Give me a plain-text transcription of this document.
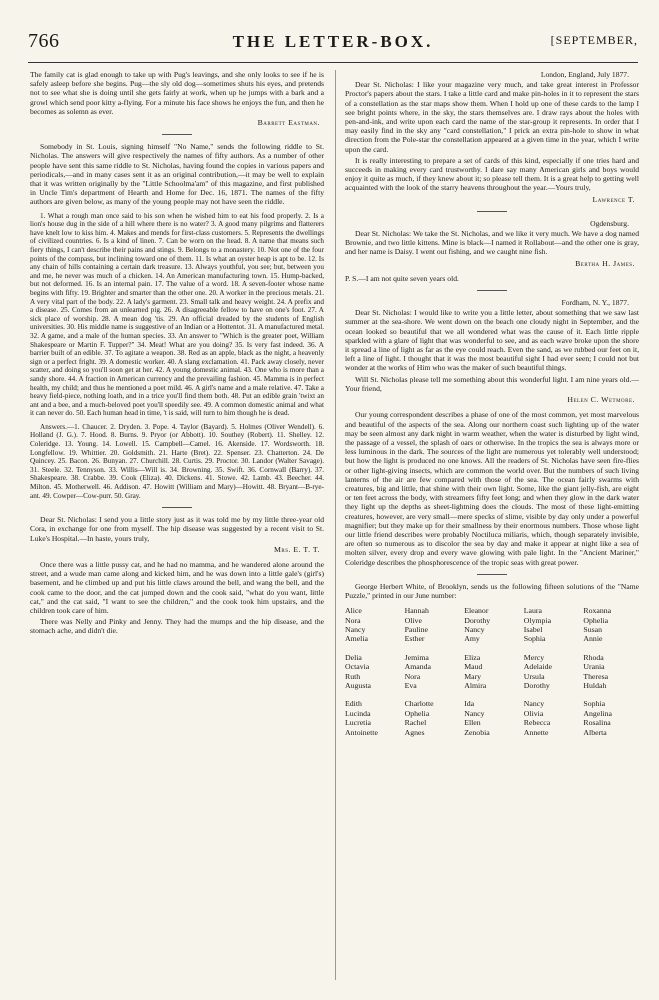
766	THE LETTER-BOX.	[SEPTEMBER,

The family cat is glad enough to take up with Pug's leavings, and she only looks to see if he is safely asleep before she begins. Pug—the sly old dog—sometimes shuts his eyes, and pretends not to see what she is doing until she gets fairly at work, when up he jumps with a bark and a growl which send poor kitty a-flying. For a minute his face shows he enjoys the fun, and then he becomes as solemn as ever.

Barrett Eastman.

Somebody in St. Louis, signing himself "No Name," sends the following riddle to St. Nicholas. The answers will give respectively the names of fifty authors. As a number of other people have sent this same riddle to St. Nicholas, having found the copies in various papers and periodicals,—and in many cases sent it as an original contribution,—it may be well to explain that it was written originally by the "Little Schoolma'am" of this magazine, and first published in Uncle Tim's department of Hearth and Home for Dec. 16, 1871. The names of the fifty authors are given below, as many of the young people may not have seen the riddle.

1. What a rough man once said to his son when he wished him to eat his food properly. 2. Is a lion's house dug in the side of a hill where there is no water? 3. A good many pilgrims and flatterers have knelt low to kiss him. 4. Makes and mends for first-class customers. 5. Represents the dwellings of civilized countries. 6. Is a kind of linen. 7. Can be worn on the head. 8. A name that means such fiery things, I can't describe their pains and stings. 9. Belongs to a monastery. 10. Not one of the four points of the compass, but inclining toward one of them. 11. Is what an oyster heap is apt to be. 12. Is any chain of hills containing a certain dark treasure. 13. Always youthful, you see; but, between you and me, he never was much of a chicken. 14. An American manufacturing town. 15. Hump-backed, but not deformed. 16. Is an internal pain. 17. The value of a word. 18. A seven-footer whose name begins with fifty. 19. Brighter and smarter than the other one. 20. A worker in the precious metals. 21. A very vital part of the body. 22. A lady's garment. 23. Small talk and heavy weight. 24. A prefix and a disease. 25. Comes from an unlearned pig. 26. A disagreeable fellow to have on one's foot. 27. A sick place of worship. 28. A mean dog 'tis. 29. An official dreaded by the students of English universities. 30. His middle name is suggestive of an Indian or a Hottentot. 31. A manufactured metal. 32. A game, and a male of the human species. 33. An answer to "Which is the greater poet, William Shakespeare or Martin F. Tupper?" 34. Meat! What are you doing? 35. Is very fast indeed. 36. A barrier built of an edible. 37. To agitate a weapon. 38. Red as an apple, black as the night, a heavenly sign or a perfect fright. 39. A domestic worker. 40. A slang exclamation. 41. Pack away closely, never scatter, and doing so you'll soon get at her. 42. A young domestic animal. 43. One who is more than a sandy shore. 44. A fraction in American currency and the prevailing fashion. 45. Mamma is in perfect health, my child; and thus he mentioned a poet mild. 46. A girl's name and a male relative. 47. Take a heavy field-piece, nothing loath, and in a trice you'll find them both. 48. Put an edible grain 'twixt an ant and a bee, and a much-beloved poet you'll speedily see. 49. A common domestic animal and what it can never do. 50. Each human head in time, 't is said, will turn to him though he is dead.

Answers.—1. Chaucer. 2. Dryden. 3. Pope. 4. Taylor (Bayard). 5. Holmes (Oliver Wendell). 6. Holland (J. G.). 7. Hood. 8. Burns. 9. Pryor (or Abbott). 10. Southey (Robert). 11. Shelley. 12. Coleridge. 13. Young. 14. Lowell. 15. Campbell—Camel. 16. Akenside. 17. Wordsworth. 18. Longfellow. 19. Whittier. 20. Goldsmith. 21. Harte (Bret). 22. Spenser. 23. Chatterton. 24. De Quincey. 25. Bacon. 26. Bunyan. 27. Churchill. 28. Curtis. 29. Proctor. 30. Landor (Walter Savage). 31. Steele. 32. Tennyson. 33. Willis—Will is. 34. Browning. 35. Swift. 36. Cornwall (Barry). 37. Shakespeare. 38. Crabbe. 39. Cook (Eliza). 40. Dickens. 41. Stowe. 42. Lamb. 43. Beecher. 44. Milton. 45. Motherwell. 46. Addison. 47. Howitt (William and Mary)—Howitt. 48. Bryant—B-rye-ant. 49. Cowper—Cow-purr. 50. Gray.

Dear St. Nicholas: I send you a little story just as it was told me by my little three-year old Cora, in exchange for one from myself. The hip disease was suggested by a recent visit to St. Luke's Hospital.—In haste, yours truly,

Mrs. E. T. T.

Once there was a little pussy cat, and he had no mamma, and he wandered alone around the street, and a wude man came along and kicked him, and he was down into a little gale's (girl's) basement, and he climbed up and put his little claws around the bell, and wang the bell, and the cook came to the door, and the cat jumped down and the cook said, "what do you want, little cat," and the cat said, "I want to see the children," and the cook took him upstairs, and the children took care of him.

There was Nelly and Pinky and Jenny. They had the mumps and the hip disease, and the stomach ache, and didn't die.

London, England, July 1877.

Dear St. Nicholas: I like your magazine very much, and take great interest in Professor Proctor's papers about the stars. I take a little card and make pin-holes in it to represent the stars of a constellation as the star maps show them. When I hold up one of these cards to the lamp I see bright points where, in the sky, the stars themselves are. I draw rays about the holes with pen-and-ink, and write upon each card the name of the star-group it represents. In order that I may easily find in the sky any "card constellation," I prick an extra pin-hole to show in what direction from the Pole-star the constellation appeared at a given time in the year, which I write upon the card.

It is really interesting to prepare a set of cards of this kind, especially if one tries hard and succeeds in making every card trustworthy. I dare say many American girls and boys would enjoy it quite as much, if they knew about it; so please tell them. It is a great help to getting well acquainted with the look of the starry heavens throughout the year.—Yours truly,

Lawrence T.
Ogdensburg.

Dear St. Nicholas: We take the St. Nicholas, and we like it very much. We have a dog named Brownie, and two little kittens. Mine is black—I named it Rollabout—and the other one is gray, and her name is Daisy. I went out fishing, and we caught nine fish.

Bertha H. James.

P. S.—I am not quite seven years old.

Fordham, N. Y., 1877.

Dear St. Nicholas: I would like to write you a little letter, about something that we saw last summer at the sea-shore. We went down on the beach one cloudy night in September, and the ocean looked so beautiful that we all wondered what was the cause of it. Each little ripple sparkled with a glare of light that was wonderful to see, and as each wave broke upon the shore it spread a line of light as far as the eye could reach. Even the sand, as we rubbed our feet on it, left a line of light. I thought that it was the most beautiful sight I had ever seen; I could not but wonder at the works of Him who was the maker of such beautiful things.

Will St. Nicholas please tell me something about this wonderful light. I am nine years old.—Your friend,

Helen C. Wetmore.

Our young correspondent describes a phase of one of the most common, yet most marvelous and beautiful of the aspects of the sea. Along our northern coast such lighting up of the water may be seen almost any dark night in warm weather, when the water is disturbed by light wind, the passage of a vessel, the splash of oars or otherwise. In the tropics the sea is always more or less luminous in the dark. The sources of the light are numerous yet tolerably well understood; but how the light is produced no one knows. All the readers of St. Nicholas have seen fire-flies or other light-giving insects, which are common the world over. But the numbers of such living lanterns of the air are few compared with those of the sea. The ocean fairly swarms with creatures, big and little, that shine with their own light. Some, like the giant jelly-fish, are eight or ten feet across the body, with streamers fifty feet long; and when they glow in the dark water they light up the depths as sheet-lightning does the clouds. The most of these light-emitting creatures, however, are very small—mere specks of slime, visible by day only under a powerful magnifier; but they make up for their smallness by their enormous numbers. Those whose light our little friend describes were probably Noctiluca miliaris, which, though separately invisible, are often so numerous as to discolor the sea by day and make it appear at night like a sea of molten silver, every drop and every wave glowing with pale light. In the "Ancient Mariner," Coleridge describes the phosphorescence of the tropic seas with great power.

George Herbert White, of Brooklyn, sends us the following fifteen solutions of the "Name Puzzle," printed in our June number:

Alice
Nora
Nancy
Amelia
Hannah
Olive
Pauline
Esther
Eleanor
Dorothy
Nancy
Amy
Laura
Olympia
Isabel
Sophia
Roxanna
Ophelia
Susan
Annie
Delia
Octavia
Ruth
Augusta
Jemima
Amanda
Nora
Eva
Eliza
Maud
Mary
Almira
Mercy
Adelaide
Ursula
Dorothy
Rhoda
Urania
Theresa
Huldah
Edith
Lucinda
Lucretia
Antoinette
Charlotte
Ophelia
Rachel
Agnes
Ida
Nancy
Ellen
Zenobia
Nancy
Olivia
Rebecca
Annette
Sophia
Angelina
Rosalina
Alberta
